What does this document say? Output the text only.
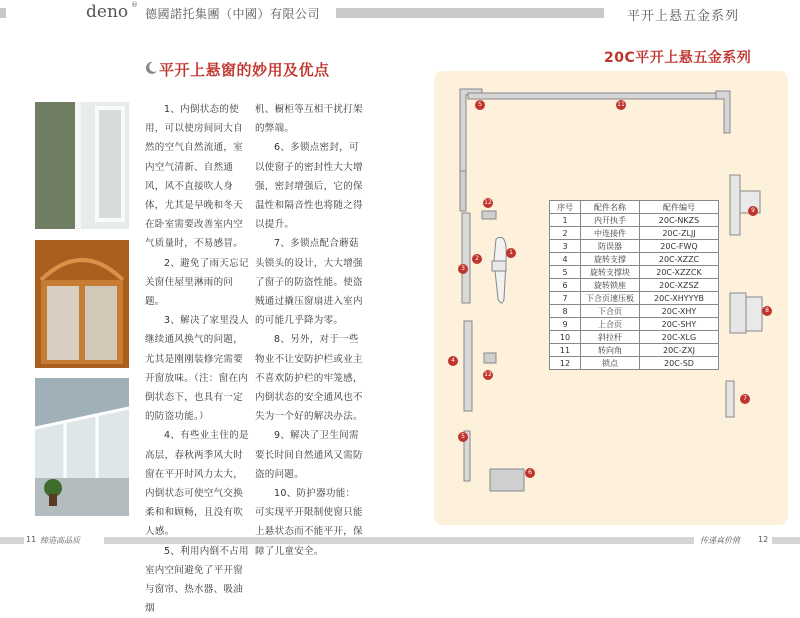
deno ®
德國諾托集團（中國）有限公司	平开上悬五金系列
平开上悬窗的妙用及优点

1、内倒状态的使用，可以使房间同大自然的空气自然流通，室内空气清新、自然通风，风不直接吹人身体，尤其是早晚和冬天在卧室需要改善室内空气质量时，不易感冒。

2、避免了雨天忘记关窗住屋里淋雨的问题。

3、解决了家里没人继续通风换气的问题，尤其是刚刚装修完需要开窗放味。（注：窗在内倒状态下，也具有一定的防盗功能。）

4、有些业主住的是高层，春秋两季风大时窗在平开时风力太大，内倒状态可使空气交换柔和和顾畅，且没有吹人感。

5、利用内倒不占用室内空间避免了平开窗与窗帘、热水器、吸油烟

机、橱柜等互相干扰打架的弊端。

6、多锁点密封，可以使窗子的密封性大大增强，密封增强后，它的保温性和隔音性也将随之得以提升。

7、多锁点配合蘑菇头锁头的设计，大大增强了窗子的防盗性能。使盗贼通过撬压窗扇进入室内的可能几乎降为零。

8、另外，对于一些物业不让安防护栏或业主不喜欢防护栏的牢笼感，内倒状态的安全通风也不失为一个好的解决办法。

9、解决了卫生间需要长时间自然通风又需防盗的问题。

10、防护器功能：可实现平开限制使窗只能上悬状态而不能平开，保障了儿童安全。

20C平开上悬五金系列
序号	配件名称	配件编号
1	内开执手	20C-NKZS
2	中连接件	20C-ZLJJ
3	防误器	20C-FWQ
4	旋转支撑	20C-XZZC
5	旋转支撑块	20C-XZZCK
6	旋转锁座	20C-XZSZ
7	下合页速压板	20C-XHYYYB
8	下合页	20C-XHY
9	上合页	20C-SHY
10	斜拉杆	20C-XLG
11	转向角	20C-ZXJ
12	锁点	20C-SD
5	11
12
1
2
4
12
3
6
9
8
7
5
11 缔造高品质	传递真价值 12
